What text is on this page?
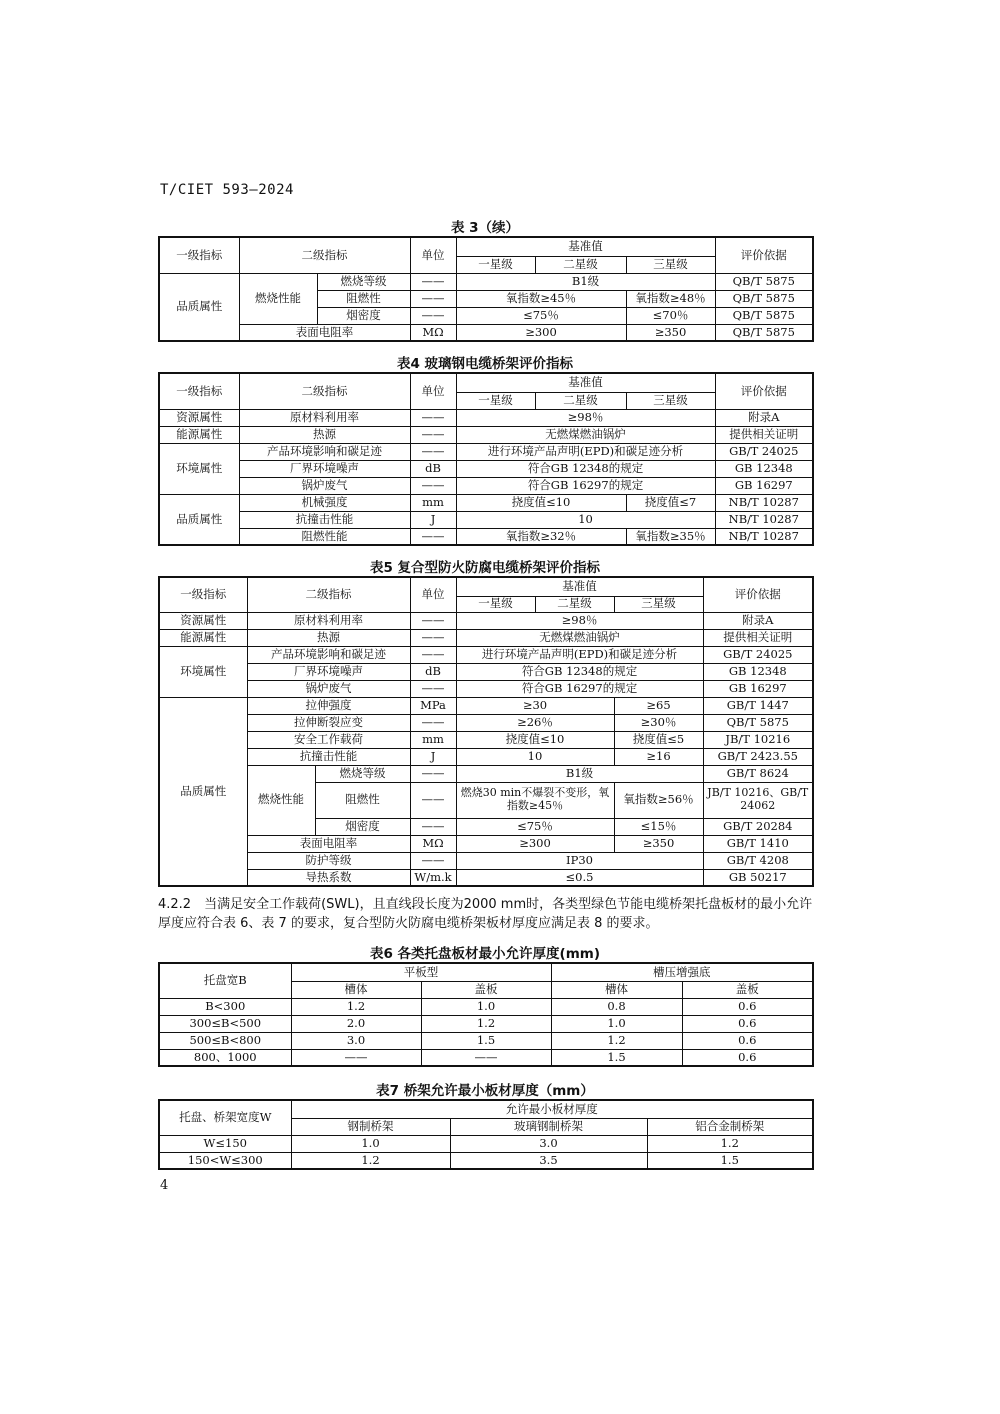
T/CIET 593—2024
表 3（续）
一级指标	二级指标		单位	基准值			评价依据
				一星级	二星级	三星级	
品质属性	燃烧性能	燃烧等级	——	B1级			QB/T 5875
		阻燃性	——	氧指数≥45％		氧指数≥48％	QB/T 5875
		烟密度	——	≤75％		≤70％	QB/T 5875
	表面电阻率		MΩ	≥300		≥350	QB/T 5875
表4 玻璃钢电缆桥架评价指标
一级指标	二级指标	单位	基准值			评价依据
			一星级	二星级	三星级	
资源属性	原材料利用率	——	≥98％			附录A
能源属性	热源	——	无燃煤燃油锅炉			提供相关证明
环境属性	产品环境影响和碳足迹	——	进行环境产品声明(EPD)和碳足迹分析			GB/T 24025
	厂界环境噪声	dB	符合GB 12348的规定			GB 12348
	锅炉废气	——	符合GB 16297的规定			GB 16297
品质属性	机械强度	mm	挠度值≤10		挠度值≤7	NB/T 10287
	抗撞击性能	J	10			NB/T 10287
	阻燃性能	——	氧指数≥32％		氧指数≥35％	NB/T 10287
表5 复合型防火防腐电缆桥架评价指标
一级指标	二级指标		单位	基准值			评价依据
				一星级	二星级	三星级	
资源属性	原材料利用率		——	≥98％			附录A
能源属性	热源		——	无燃煤燃油锅炉			提供相关证明
环境属性	产品环境影响和碳足迹		——	进行环境产品声明(EPD)和碳足迹分析			GB/T 24025
	厂界环境噪声		dB	符合GB 12348的规定			GB 12348
	锅炉废气		——	符合GB 16297的规定			GB 16297
品质属性	拉伸强度		MPa	≥30		≥65	GB/T 1447
	拉伸断裂应变		——	≥26％		≥30％	QB/T 5875
	安全工作载荷		mm	挠度值≤10		挠度值≤5	JB/T 10216
	抗撞击性能		J	10		≥16	GB/T 2423.55
	燃烧性能	燃烧等级	——	B1级			GB/T 8624
		阻燃性	——	燃烧30 min不爆裂不变形，氧指数≥45％		氧指数≥56％	JB/T 10216、GB/T 24062
		烟密度	——	≤75％		≤15％	GB/T 20284
	表面电阻率		MΩ	≥300		≥350	GB/T 1410
	防护等级		——	IP30			GB/T 4208
	导热系数		W/m.k	≤0.5			GB 50217
4.2.2　当满足安全工作载荷(SWL)，且直线段长度为2000 mm时，各类型绿色节能电缆桥架托盘板材的最小允许厚度应符合表 6、表 7 的要求，复合型防火防腐电缆桥架板材厚度应满足表 8 的要求。
表6 各类托盘板材最小允许厚度(mm)
托盘宽B	平板型		槽压增强底	
	槽体	盖板	槽体	盖板
B<300	1.2	1.0	0.8	0.6
300≤B<500	2.0	1.2	1.0	0.6
500≤B<800	3.0	1.5	1.2	0.6
800、1000	——	——	1.5	0.6
表7 桥架允许最小板材厚度（mm）
托盘、桥架宽度W	允许最小板材厚度		
	钢制桥架	玻璃钢制桥架	铝合金制桥架
W≤150	1.0	3.0	1.2
150<W≤300	1.2	3.5	1.5
4
